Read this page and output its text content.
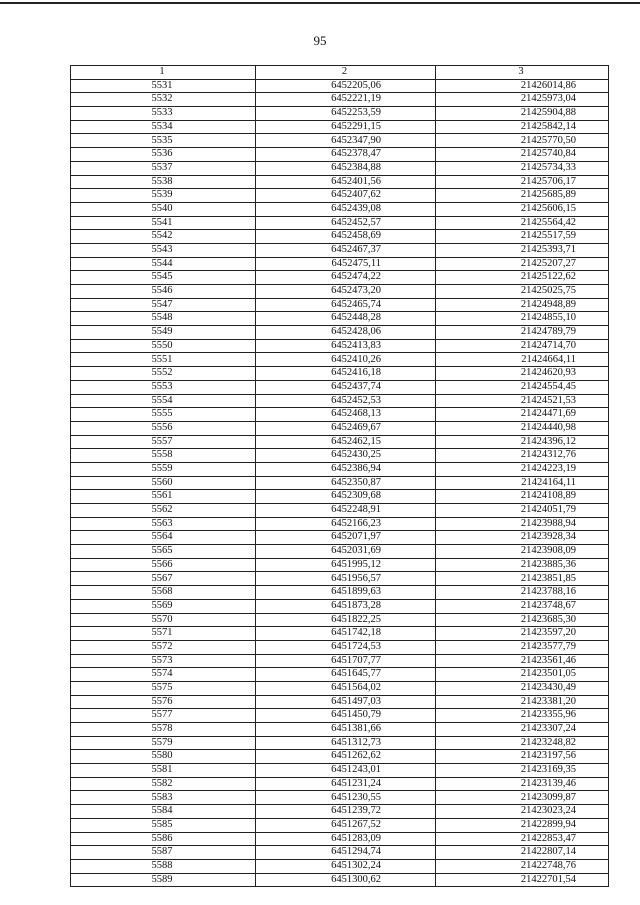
95
1	2	3
5531	6452205,06	21426014,86
5532	6452221,19	21425973,04
5533	6452253,59	21425904,88
5534	6452291,15	21425842,14
5535	6452347,90	21425770,50
5536	6452378,47	21425740,84
5537	6452384,88	21425734,33
5538	6452401,56	21425706,17
5539	6452407,62	21425685,89
5540	6452439,08	21425606,15
5541	6452452,57	21425564,42
5542	6452458,69	21425517,59
5543	6452467,37	21425393,71
5544	6452475,11	21425207,27
5545	6452474,22	21425122,62
5546	6452473,20	21425025,75
5547	6452465,74	21424948,89
5548	6452448,28	21424855,10
5549	6452428,06	21424789,79
5550	6452413,83	21424714,70
5551	6452410,26	21424664,11
5552	6452416,18	21424620,93
5553	6452437,74	21424554,45
5554	6452452,53	21424521,53
5555	6452468,13	21424471,69
5556	6452469,67	21424440,98
5557	6452462,15	21424396,12
5558	6452430,25	21424312,76
5559	6452386,94	21424223,19
5560	6452350,87	21424164,11
5561	6452309,68	21424108,89
5562	6452248,91	21424051,79
5563	6452166,23	21423988,94
5564	6452071,97	21423928,34
5565	6452031,69	21423908,09
5566	6451995,12	21423885,36
5567	6451956,57	21423851,85
5568	6451899,63	21423788,16
5569	6451873,28	21423748,67
5570	6451822,25	21423685,30
5571	6451742,18	21423597,20
5572	6451724,53	21423577,79
5573	6451707,77	21423561,46
5574	6451645,77	21423501,05
5575	6451564,02	21423430,49
5576	6451497,03	21423381,20
5577	6451450,79	21423355,96
5578	6451381,66	21423307,24
5579	6451312,73	21423248,82
5580	6451262,62	21423197,56
5581	6451243,01	21423169,35
5582	6451231,24	21423139,46
5583	6451230,55	21423099,87
5584	6451239,72	21423023,24
5585	6451267,52	21422899,94
5586	6451283,09	21422853,47
5587	6451294,74	21422807,14
5588	6451302,24	21422748,76
5589	6451300,62	21422701,54
